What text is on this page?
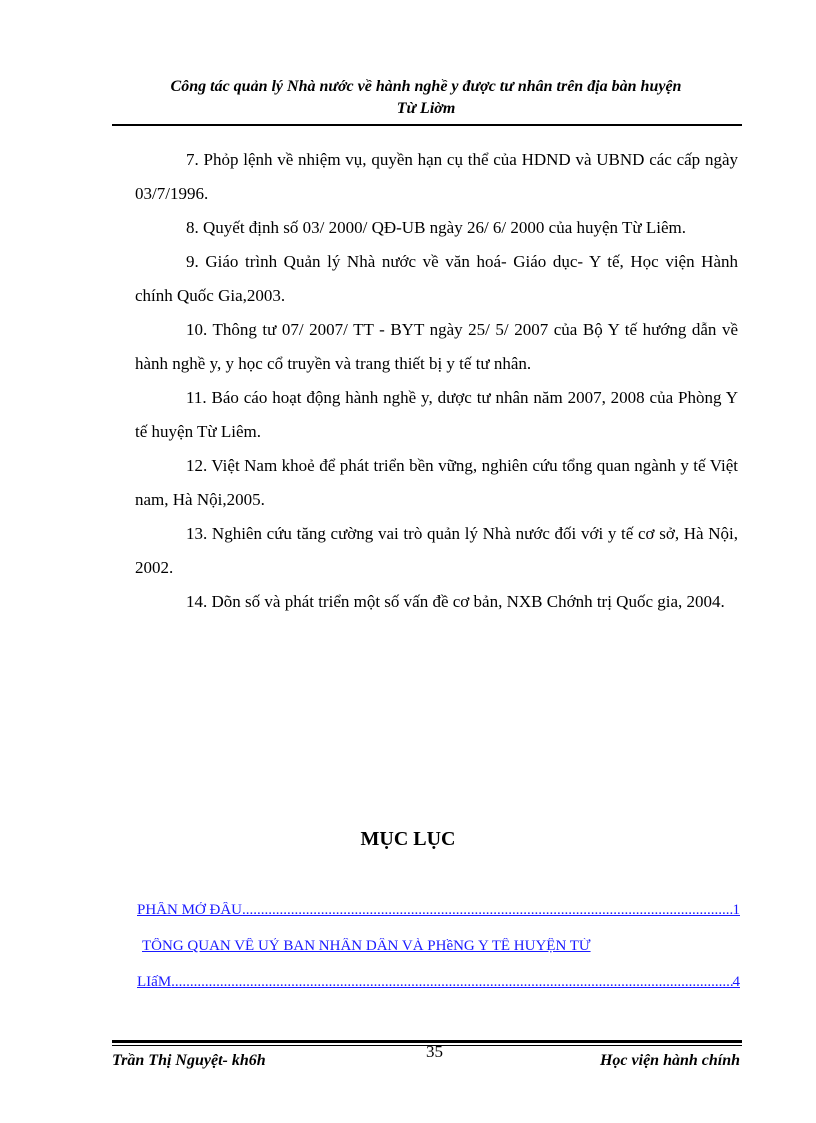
Công tác quản lý Nhà nước về hành nghề y được tư nhân trên địa bàn huyện
Từ Liờm

7. Phỏp lệnh về nhiệm vụ, quyền hạn cụ thể của HDND và UBND các cấp ngày 03/7/1996.

8. Quyết định số 03/ 2000/ QĐ-UB ngày 26/ 6/ 2000 của huyện Từ Liêm.

9. Giáo trình Quản lý Nhà nước về văn hoá- Giáo dục- Y tế, Học viện Hành chính Quốc Gia,2003.

10. Thông tư 07/ 2007/ TT - BYT ngày 25/ 5/ 2007 của Bộ Y tế hướng dẫn về hành nghề y, y học cổ truyền và trang thiết bị y tế tư nhân.

11. Báo cáo hoạt động hành nghề y, dược tư nhân năm 2007, 2008 của Phòng Y tế huyện Từ Liêm.

12. Việt Nam khoẻ để phát triển bền vững, nghiên cứu tổng quan ngành y tế Việt nam, Hà Nội,2005.

13. Nghiên cứu tăng cường vai trò quản lý Nhà nước đối với y tế cơ sở, Hà Nội, 2002.

14. Dõn số và phát triển một số vấn đề cơ bản, NXB Chớnh trị Quốc gia, 2004.

MỤC LỤC
PHẦN MỞ ĐẦU .....	1
TỔNG QUAN VỀ UỶ BAN NHÂN DÂN VÀ PHềNG Y TẾ HUYỆN TỪ
LIấM .....	4
35
Trần Thị Nguyệt- kh6h	Học viện hành chính
